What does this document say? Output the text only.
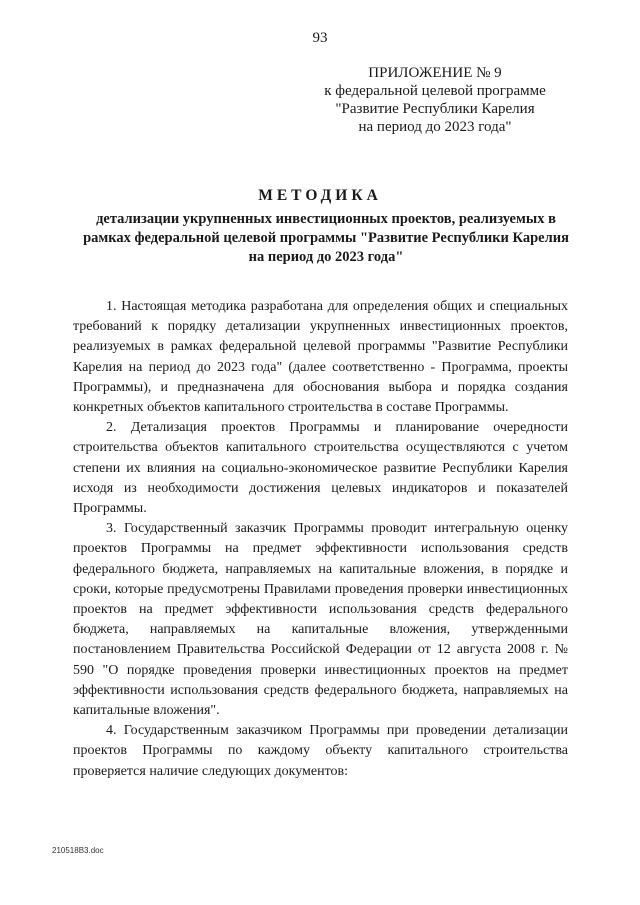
93
ПРИЛОЖЕНИЕ № 9
к федеральной целевой программе
"Развитие Республики Карелия
на период до 2023 года"
МЕТОДИКА
детализации укрупненных инвестиционных проектов, реализуемых в рамках федеральной целевой программы "Развитие Республики Карелия на период до 2023 года"

1. Настоящая методика разработана для определения общих и специальных требований к порядку детализации укрупненных инвестиционных проектов, реализуемых в рамках федеральной целевой программы "Развитие Республики Карелия на период до 2023 года" (далее соответственно - Программа, проекты Программы), и предназначена для обоснования выбора и порядка создания конкретных объектов капитального строительства в составе Программы.

2. Детализация проектов Программы и планирование очередности строительства объектов капитального строительства осуществляются с учетом степени их влияния на социально-экономическое развитие Республики Карелия исходя из необходимости достижения целевых индикаторов и показателей Программы.

3. Государственный заказчик Программы проводит интегральную оценку проектов Программы на предмет эффективности использования средств федерального бюджета, направляемых на капитальные вложения, в порядке и сроки, которые предусмотрены Правилами проведения проверки инвестиционных проектов на предмет эффективности использования средств федерального бюджета, направляемых на капитальные вложения, утвержденными постановлением Правительства Российской Федерации от 12 августа 2008 г. № 590 "О порядке проведения проверки инвестиционных проектов на предмет эффективности использования средств федерального бюджета, направляемых на капитальные вложения".

4. Государственным заказчиком Программы при проведении детализации проектов Программы по каждому объекту капитального строительства проверяется наличие следующих документов:

210518В3.doc
